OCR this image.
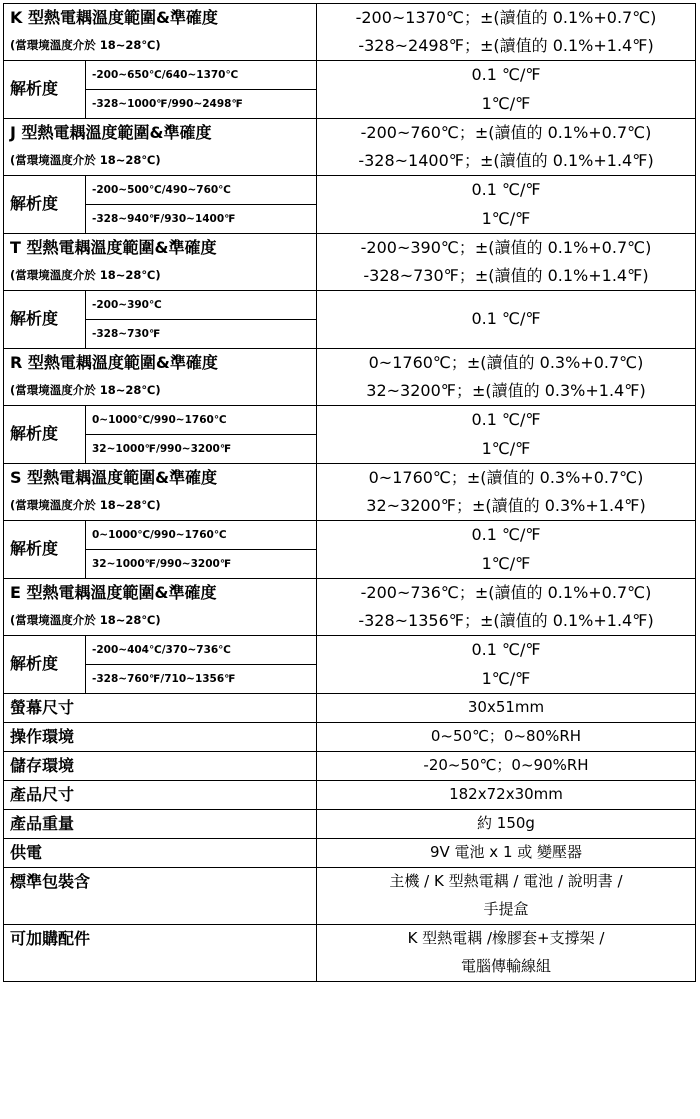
K 型熱電耦溫度範圍&準確度		-200~1370℃；±(讀值的 0.1%+0.7℃)
(當環境溫度介於 18~28℃)		-328~2498℉；±(讀值的 0.1%+1.4℉)
解析度	-200~650℃/640~1370℃	0.1 ℃/℉
	-328~1000℉/990~2498℉	1℃/℉
J 型熱電耦溫度範圍&準確度		-200~760℃；±(讀值的 0.1%+0.7℃)
(當環境溫度介於 18~28℃)		-328~1400℉；±(讀值的 0.1%+1.4℉)
解析度	-200~500℃/490~760℃	0.1 ℃/℉
	-328~940℉/930~1400℉	1℃/℉
T 型熱電耦溫度範圍&準確度		-200~390℃；±(讀值的 0.1%+0.7℃)
(當環境溫度介於 18~28℃)		-328~730℉；±(讀值的 0.1%+1.4℉)
解析度	-200~390℃	0.1 ℃/℉
	-328~730℉	
R 型熱電耦溫度範圍&準確度		0~1760℃；±(讀值的 0.3%+0.7℃)
(當環境溫度介於 18~28℃)		32~3200℉；±(讀值的 0.3%+1.4℉)
解析度	0~1000℃/990~1760℃	0.1 ℃/℉
	32~1000℉/990~3200℉	1℃/℉
S 型熱電耦溫度範圍&準確度		0~1760℃；±(讀值的 0.3%+0.7℃)
(當環境溫度介於 18~28℃)		32~3200℉；±(讀值的 0.3%+1.4℉)
解析度	0~1000℃/990~1760℃	0.1 ℃/℉
	32~1000℉/990~3200℉	1℃/℉
E 型熱電耦溫度範圍&準確度		-200~736℃；±(讀值的 0.1%+0.7℃)
(當環境溫度介於 18~28℃)		-328~1356℉；±(讀值的 0.1%+1.4℉)
解析度	-200~404℃/370~736℃	0.1 ℃/℉
	-328~760℉/710~1356℉	1℃/℉
螢幕尺寸		30x51mm
操作環境		0~50℃；0~80%RH
儲存環境		-20~50℃；0~90%RH
產品尺寸		182x72x30mm
產品重量		約 150g
供電		9V 電池 x 1 或 變壓器
標準包裝含		主機 / K 型熱電耦 / 電池 / 說明書 /
		手提盒
可加購配件		K 型熱電耦 /橡膠套+支撐架 /
		電腦傳輸線組
